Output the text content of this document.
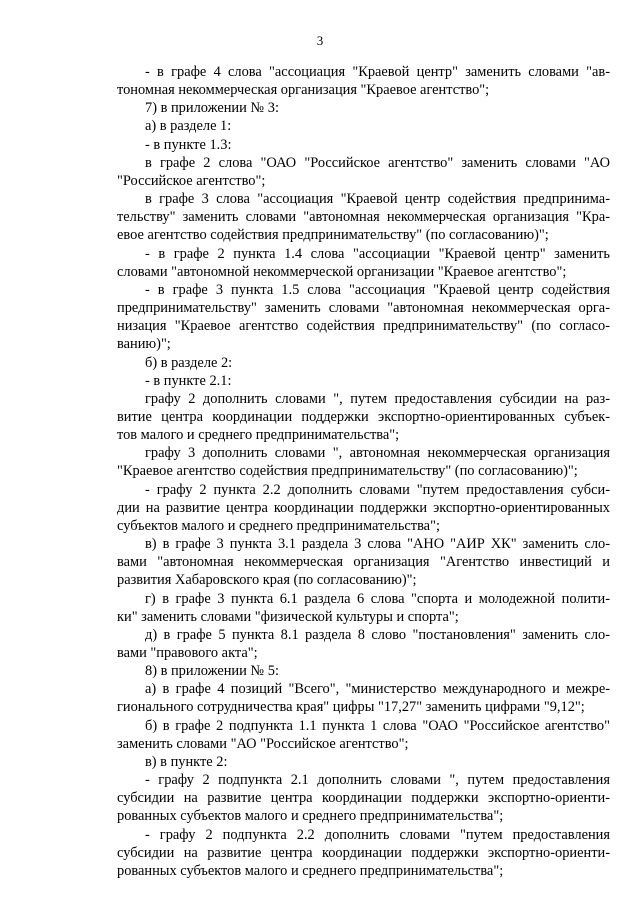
3
- в графе 4 слова "ассоциация "Краевой центр" заменить словами "ав-
тономная некоммерческая организация "Краевое агентство";
7) в приложении № 3:
а) в разделе 1:
- в пункте 1.3:
в графе 2 слова "ОАО "Российское агентство" заменить словами "АО
"Российское агентство";
в графе 3 слова "ассоциация "Краевой центр содействия предпринима-
тельству" заменить словами "автономная некоммерческая организация "Кра-
евое агентство содействия предпринимательству" (по согласованию)";
- в графе 2 пункта 1.4 слова "ассоциации "Краевой центр" заменить
словами "автономной некоммерческой организации "Краевое агентство";
- в графе 3 пункта 1.5 слова "ассоциация "Краевой центр содействия
предпринимательству" заменить словами "автономная некоммерческая орга-
низация "Краевое агентство содействия предпринимательству" (по согласо-
ванию)";
б) в разделе 2:
- в пункте 2.1:
графу 2 дополнить словами ", путем предоставления субсидии на раз-
витие центра координации поддержки экспортно-ориентированных субъек-
тов малого и среднего предпринимательства";
графу 3 дополнить словами ", автономная некоммерческая организация
"Краевое агентство содействия предпринимательству" (по согласованию)";
- графу 2 пункта 2.2 дополнить словами "путем предоставления субси-
дии на развитие центра координации поддержки экспортно-ориентированных
субъектов малого и среднего предпринимательства";
в) в графе 3 пункта 3.1 раздела 3 слова "АНО "АИР ХК" заменить сло-
вами "автономная некоммерческая организация "Агентство инвестиций и
развития Хабаровского края (по согласованию)";
г) в графе 3 пункта 6.1 раздела 6 слова "спорта и молодежной полити-
ки" заменить словами "физической культуры и спорта";
д) в графе 5 пункта 8.1 раздела 8 слово "постановления" заменить сло-
вами "правового акта";
8) в приложении № 5:
а) в графе 4 позиций "Всего", "министерство международного и межре-
гионального сотрудничества края" цифры "17,27" заменить цифрами "9,12";
б) в графе 2 подпункта 1.1 пункта 1 слова "ОАО "Российское агентство"
заменить словами "АО "Российское агентство";
в) в пункте 2:
- графу 2 подпункта 2.1 дополнить словами ", путем предоставления
субсидии на развитие центра координации поддержки экспортно-ориенти-
рованных субъектов малого и среднего предпринимательства";
- графу 2 подпункта 2.2 дополнить словами "путем предоставления
субсидии на развитие центра координации поддержки экспортно-ориенти-
рованных субъектов малого и среднего предпринимательства";
